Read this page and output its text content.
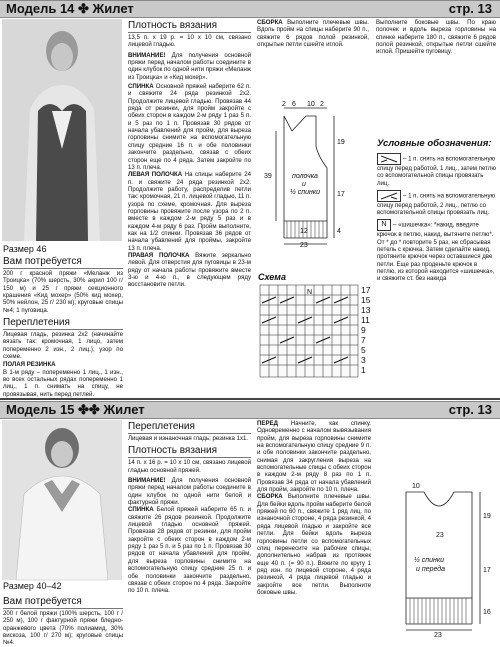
Модель 14 ✤ Жилет	стр. 13
Размер 46
Вам потребуется

200 г красной пряжи «Меланж из Троицка» (70% шерсть, 30% акрил 100 г/ 150 м) и 25 г пряжи секционного крашения «Кид мохер» (50% кид мохер, 50% нейлон, 25 г/ 230 м); круговые спицы №4; 1 пуговица.

Переплетения

Лицевая гладь, резинка 2х2 (начинайте вязать так: кромочная, 1 лицо, затем попеременно 2 изн., 2 лиц.); узор по схеме.

ПОЛАЯ РЕЗИНКА

В 1-м ряду – попеременно 1 лиц., 1 изн., во всех остальных рядах попеременно 1 лиц., 1 п. снимать на спицу, не провязывая, нить перед петлей.

Плотность вязания

13,5 п. х 19 р. = 10 х 10 см, связано лицевой гладью.

ВНИМАНИЕ! Для получения основной пряжи перед началом работы соедините в один клубок по одной нити пряжи «Меланж из Троицка» и «Кид мохер».

СПИНКА Основной пряжей наберите 62 п. и свяжите 24 ряда резинкой 2х2. Продолжите лицевой гладью. Провязав 44 ряда от резинки, для пройм закройте с обеих сторон в каждом 2-м ряду 1 раз 5 п. и 5 раз по 1 п. Провязав 30 рядов от начала убавлений для пройм, для выреза горловины снимите на вспомогательную спицу средние 16 п. и обе половинки закончите раздельно, связав с обеих сторон еще по 4 ряда. Затем закройте по 13 п. плеча.

ЛЕВАЯ ПОЛОЧКА На спицы наберите 24 п. и свяжите 24 ряда резинкой 2х2. Продолжите работу, распределив петли так: кромочная, 21 п. лицевой гладью, 11 п. узора по схеме, кромочная. Для выреза горловины провяжите после узора по 2 п. вместе в каждом 2-м ряду 5 раз и в каждом 4-м ряду 6 раз. Пройм выполните, как на 1/2 спинки. Провязав 36 рядов от начала убавлений для проймы, закройте 13 п. плеча.

ПРАВАЯ ПОЛОЧКА Вяжите зеркально левой. Для отверстия для пуговицы в 23-м ряду от начала работы провяжите вместе 3-ю и 4-ю п., в следующем ряду восстановите петли.

СБОРКА Выполните плечевые швы. Вдоль пройм на спицы наберите 90 п., свяжите 6 рядов полой резинкой, открытые петли сшейте иглой.

Выполните боковые швы. По краю полочек и вдоль выреза горловины на спинке наберите 180 п., свяжите 6 рядов полой резинкой, открытые петли сшейте иглой. Пришейте пуговицу.

2 6 10 2
19
39
17
4
12
23
полочка
и
½ спинки
Условные обозначения:
– 1 п. снять на вспомогательную спицу перед работой, 1 лиц., затем петлю со вспомогательной спицы провязать лиц.
– 1 п. снять на вспомогательную спицу перед работой, 2 лиц., петлю со вспомогательной спицы провязать лиц.
N – «шишечка»: *накид, введите крючок в петлю, накид, вытяните петлю*. От * до * повторите 5 раз, не сбрасывая петель с крючка. Затем сделайте накид, протяните крючок через оставшиеся две петли. Еще раз проденьте крючок в петлю, из которой находится «шишечка», и свяжите ст. без накида
Схема
N	17
15
13
11
9
7
5
3
1
Модель 15 ✤✤ Жилет	стр. 13
Размер 40–42
Вам потребуется

200 г белой пряжи (100% шерсть, 100 г / 250 м), 100 г фактурной пряжи бледно-оранжевого цвета (70% полиамид, 30% вискоза, 100 г/ 270 м); круговые спицы №4.

Переплетения

Лицевая и изнаночная гладь; резинка 1х1.

Плотность вязания

14 п. х 16 р. = 10 х 10 см, связано лицевой гладью основной пряжей.

ВНИМАНИЕ! Для получения основной пряжи перед началом работы соедините в один клубок по одной нити белой и фактурной пряжи.

СПИНКА Белой пряжей наберите 65 п. и свяжите 26 рядов резинкой. Продолжите лицевой гладью основной пряжей. Провязав 28 рядов от резинки, для пройм закройте с обеих сторон в каждом 2-м ряду 1 раз 5 п. и 5 раз по 1 п. Провязав 30 рядов от начала убавлений для пройм, для выреза горловины снимите на вспомогательную спицу средние 25 п. и обе половинки закончите раздельно, связав с обеих сторон по 4 ряда. Закройте по 10 п. плеча.

ПЕРЕД Начните, как спинку. Одновременно с началом вывязывания пройм, для выреза горловины снимите на вспомогательную спицу средние 9 п. и обе половинки закончите раздельно, снимая для закругления выреза на вспомогательные спицы с обеих сторон в каждом 2-м ряду 8 раз по 1 п. Провязав 34 ряда от начала убавлений для пройм, закройте по 10 п. плеча.

СБОРКА Выполните плечевые швы. Для бейки вдоль пройм наберите белой пряжей по 60 п., свяжите 1 ряд лиц. по изнаночной стороне, 4 ряда резинкой, 4 ряда лицевой гладью и закройте все петли. Для бейки вдоль выреза горловины петли со вспомогательных спиц перенесите на рабочие спицы, дополнительно набрав из протяжек еще 40 п. (= 90 п.). Вяжите по кругу 1 ряд изн. по лицевой стороне, 4 ряда резинкой, 4 ряда лицевой гладью и закройте все петли. Выполните боковые швы.

10
23
19
17
16
23
½ спинки
и переда
